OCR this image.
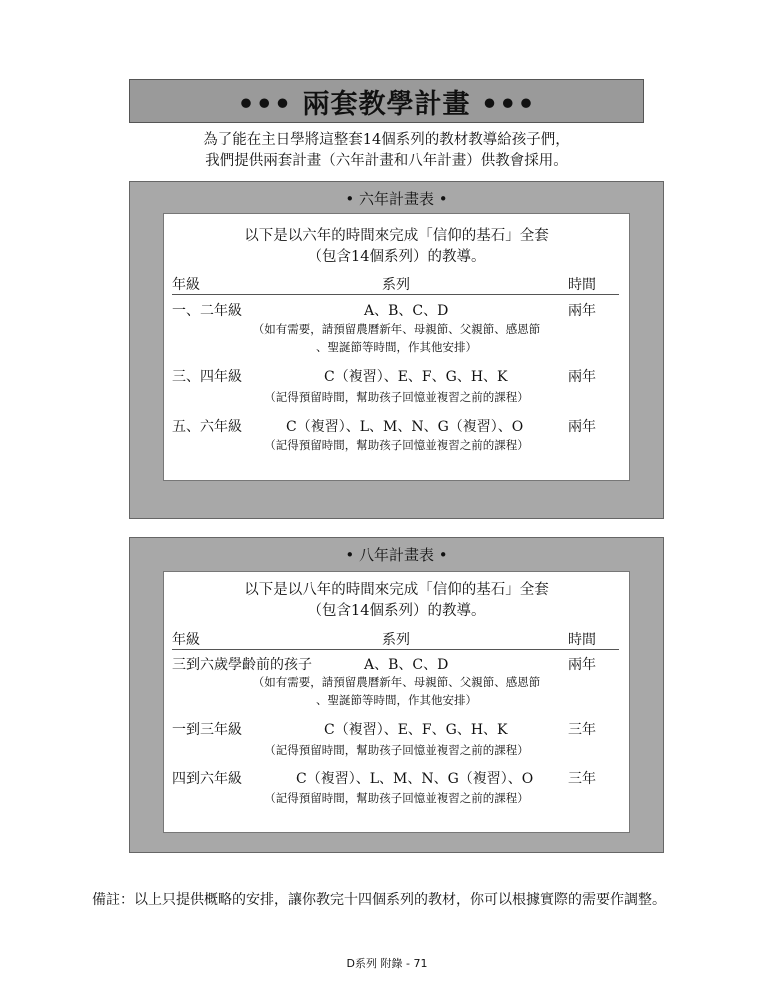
••• 兩套教學計畫 •••
為了能在主日學將這整套14個系列的教材教導給孩子們，
我們提供兩套計畫（六年計畫和八年計畫）供教會採用。
• 六年計畫表 •
以下是以六年的時間來完成「信仰的基石」全套
（包含14個系列）的教導。
年級	系列	時間
一、二年級	A、B、C、D	兩年
（如有需要，請預留農曆新年、母親節、父親節、感恩節
、聖誕節等時間，作其他安排）
三、四年級	C（複習）、E、F、G、H、K	兩年
（記得預留時間，幫助孩子回憶並複習之前的課程）
五、六年級	C（複習）、L、M、N、G（複習）、O	兩年
（記得預留時間，幫助孩子回憶並複習之前的課程）
• 八年計畫表 •
以下是以八年的時間來完成「信仰的基石」全套
（包含14個系列）的教導。
年級	系列	時間
三到六歲學齡前的孩子	A、B、C、D	兩年
（如有需要，請預留農曆新年、母親節、父親節、感恩節
、聖誕節等時間，作其他安排）
一到三年級	C（複習）、E、F、G、H、K	三年
（記得預留時間，幫助孩子回憶並複習之前的課程）
四到六年級	C（複習）、L、M、N、G（複習）、O 三年
（記得預留時間，幫助孩子回憶並複習之前的課程）
備註：以上只提供概略的安排，讓你教完十四個系列的教材，你可以根據實際的需要作調整。
D系列 附錄 - 71
